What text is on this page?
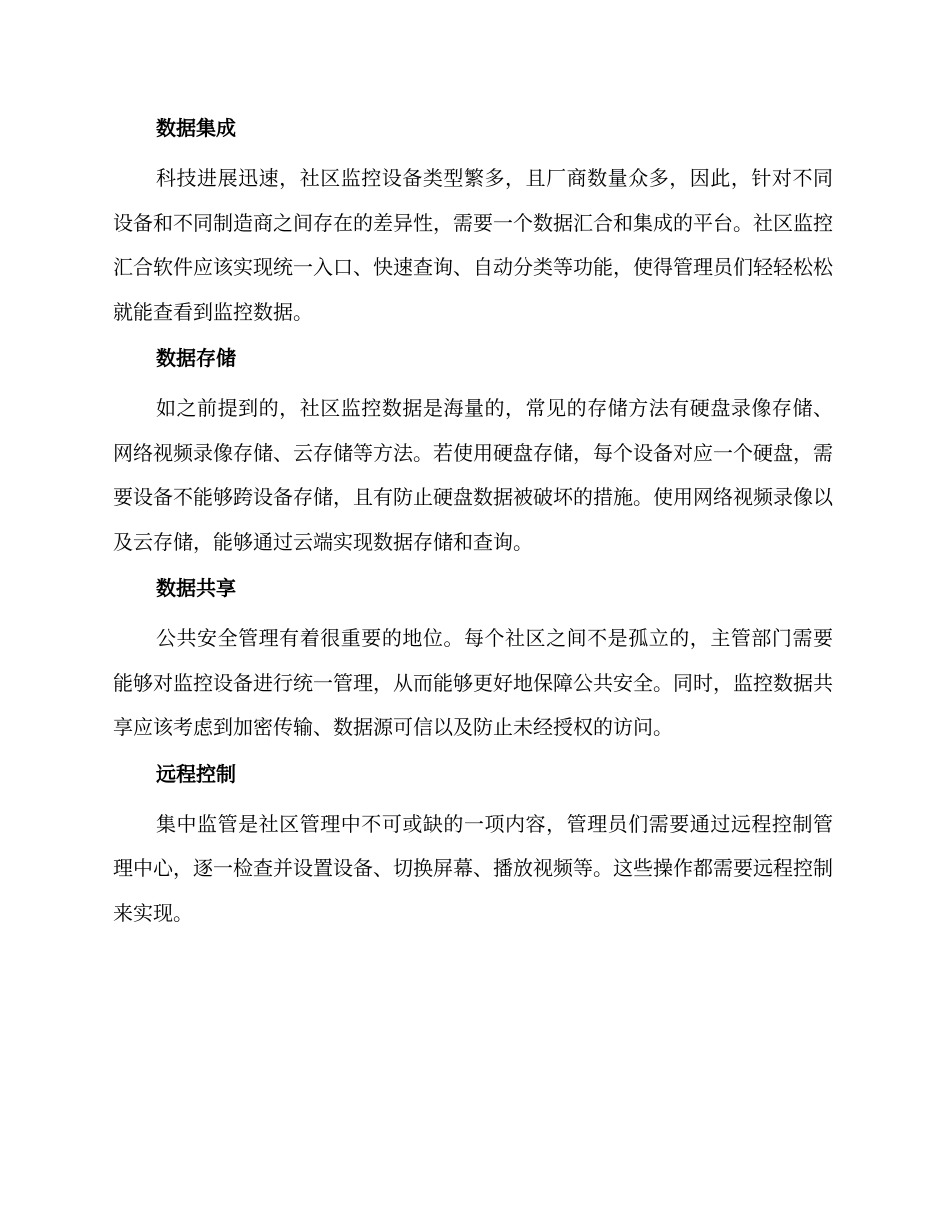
数据集成

科技进展迅速，社区监控设备类型繁多，且厂商数量众多，因此，针对不同设备和不同制造商之间存在的差异性，需要一个数据汇合和集成的平台。社区监控汇合软件应该实现统一入口、快速查询、自动分类等功能，使得管理员们轻轻松松就能查看到监控数据。

数据存储

如之前提到的，社区监控数据是海量的，常见的存储方法有硬盘录像存储、网络视频录像存储、云存储等方法。若使用硬盘存储，每个设备对应一个硬盘，需要设备不能够跨设备存储，且有防止硬盘数据被破坏的措施。使用网络视频录像以及云存储，能够通过云端实现数据存储和查询。

数据共享

公共安全管理有着很重要的地位。每个社区之间不是孤立的，主管部门需要能够对监控设备进行统一管理，从而能够更好地保障公共安全。同时，监控数据共享应该考虑到加密传输、数据源可信以及防止未经授权的访问。

远程控制

集中监管是社区管理中不可或缺的一项内容，管理员们需要通过远程控制管理中心，逐一检查并设置设备、切换屏幕、播放视频等。这些操作都需要远程控制来实现。
